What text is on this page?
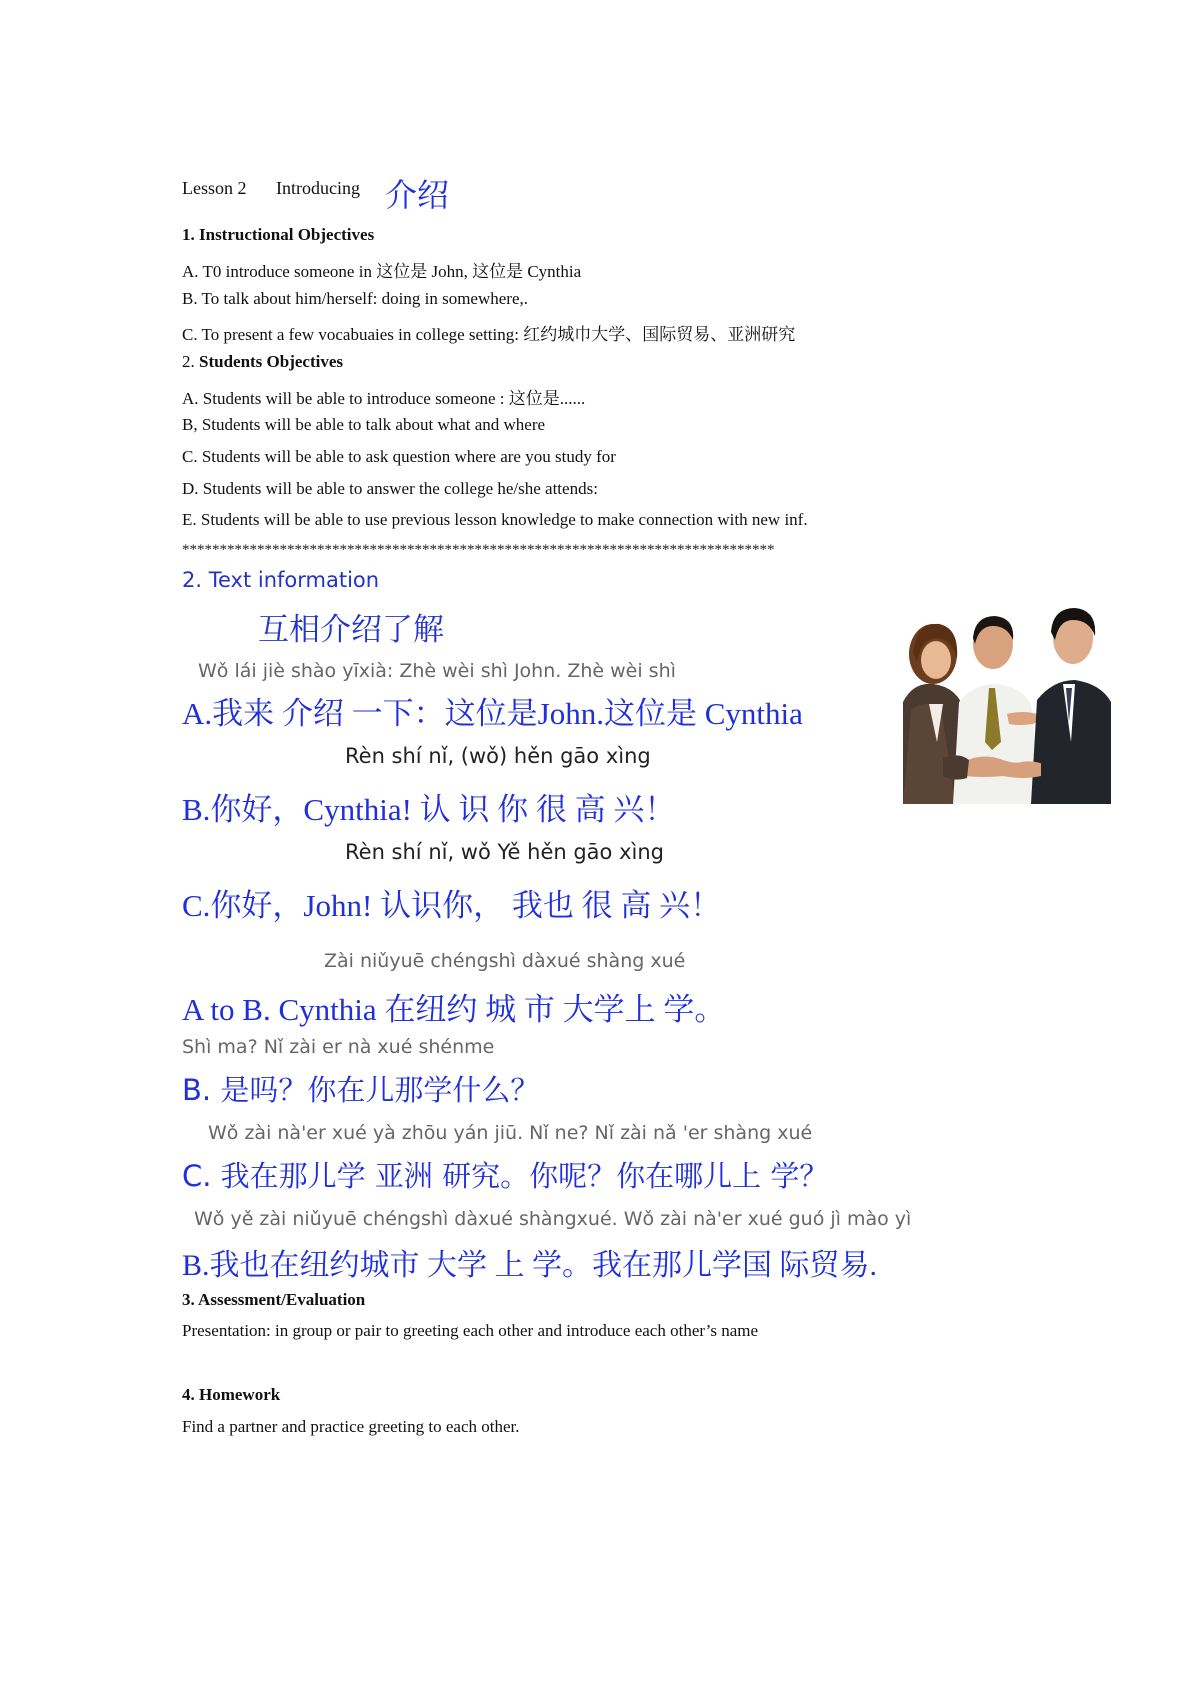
Lesson 2 Introducing 介绍
1. Instructional Objectives
A. T0 introduce someone in 这位是 John, 这位是 Cynthia
B. To talk about him/herself: doing in somewhere,.
C. To present a few vocabuaies in college setting: 红约城巾大学、国际贸易、亚洲研究
2. Students Objectives
A. Students will be able to introduce someone : 这位是......
B, Students will be able to talk about what and where
C. Students will be able to ask question where are you study for
D. Students will be able to answer the college he/she attends:
E. Students will be able to use previous lesson knowledge to make connection with new inf.
*******************************************************************************
2. Text information
互相介绍了解
Wǒ lái jiè shào yīxià: Zhè wèi shì John. Zhè wèi shì
A.我来 介绍 一下：这位是John.这位是 Cynthia
Rèn shí nǐ, (wǒ) hěn gāo xìng
B.你好，Cynthia! 认 识 你 很 高 兴！
Rèn shí nǐ, wǒ Yě hěn gāo xìng
C.你好，John! 认识你， 我也 很 高 兴！
Zài niǔyuē chéngshì dàxué shàng xué
A to B. Cynthia 在纽约 城 市 大学上 学。
Shì ma? Nǐ zài er nà xué shénme
B. 是吗？你在儿那学什么？
Wǒ zài nà'er xué yà zhōu yán jiū. Nǐ ne? Nǐ zài nǎ 'er shàng xué
C. 我在那儿学 亚洲 研究。你呢？你在哪儿上 学？
Wǒ yě zài niǔyuē chéngshì dàxué shàngxué. Wǒ zài nà'er xué guó jì mào yì
B.我也在纽约城市 大学 上 学。我在那儿学国 际贸易.
3. Assessment/Evaluation
Presentation: in group or pair to greeting each other and introduce each other’s name
4. Homework
Find a partner and practice greeting to each other.
